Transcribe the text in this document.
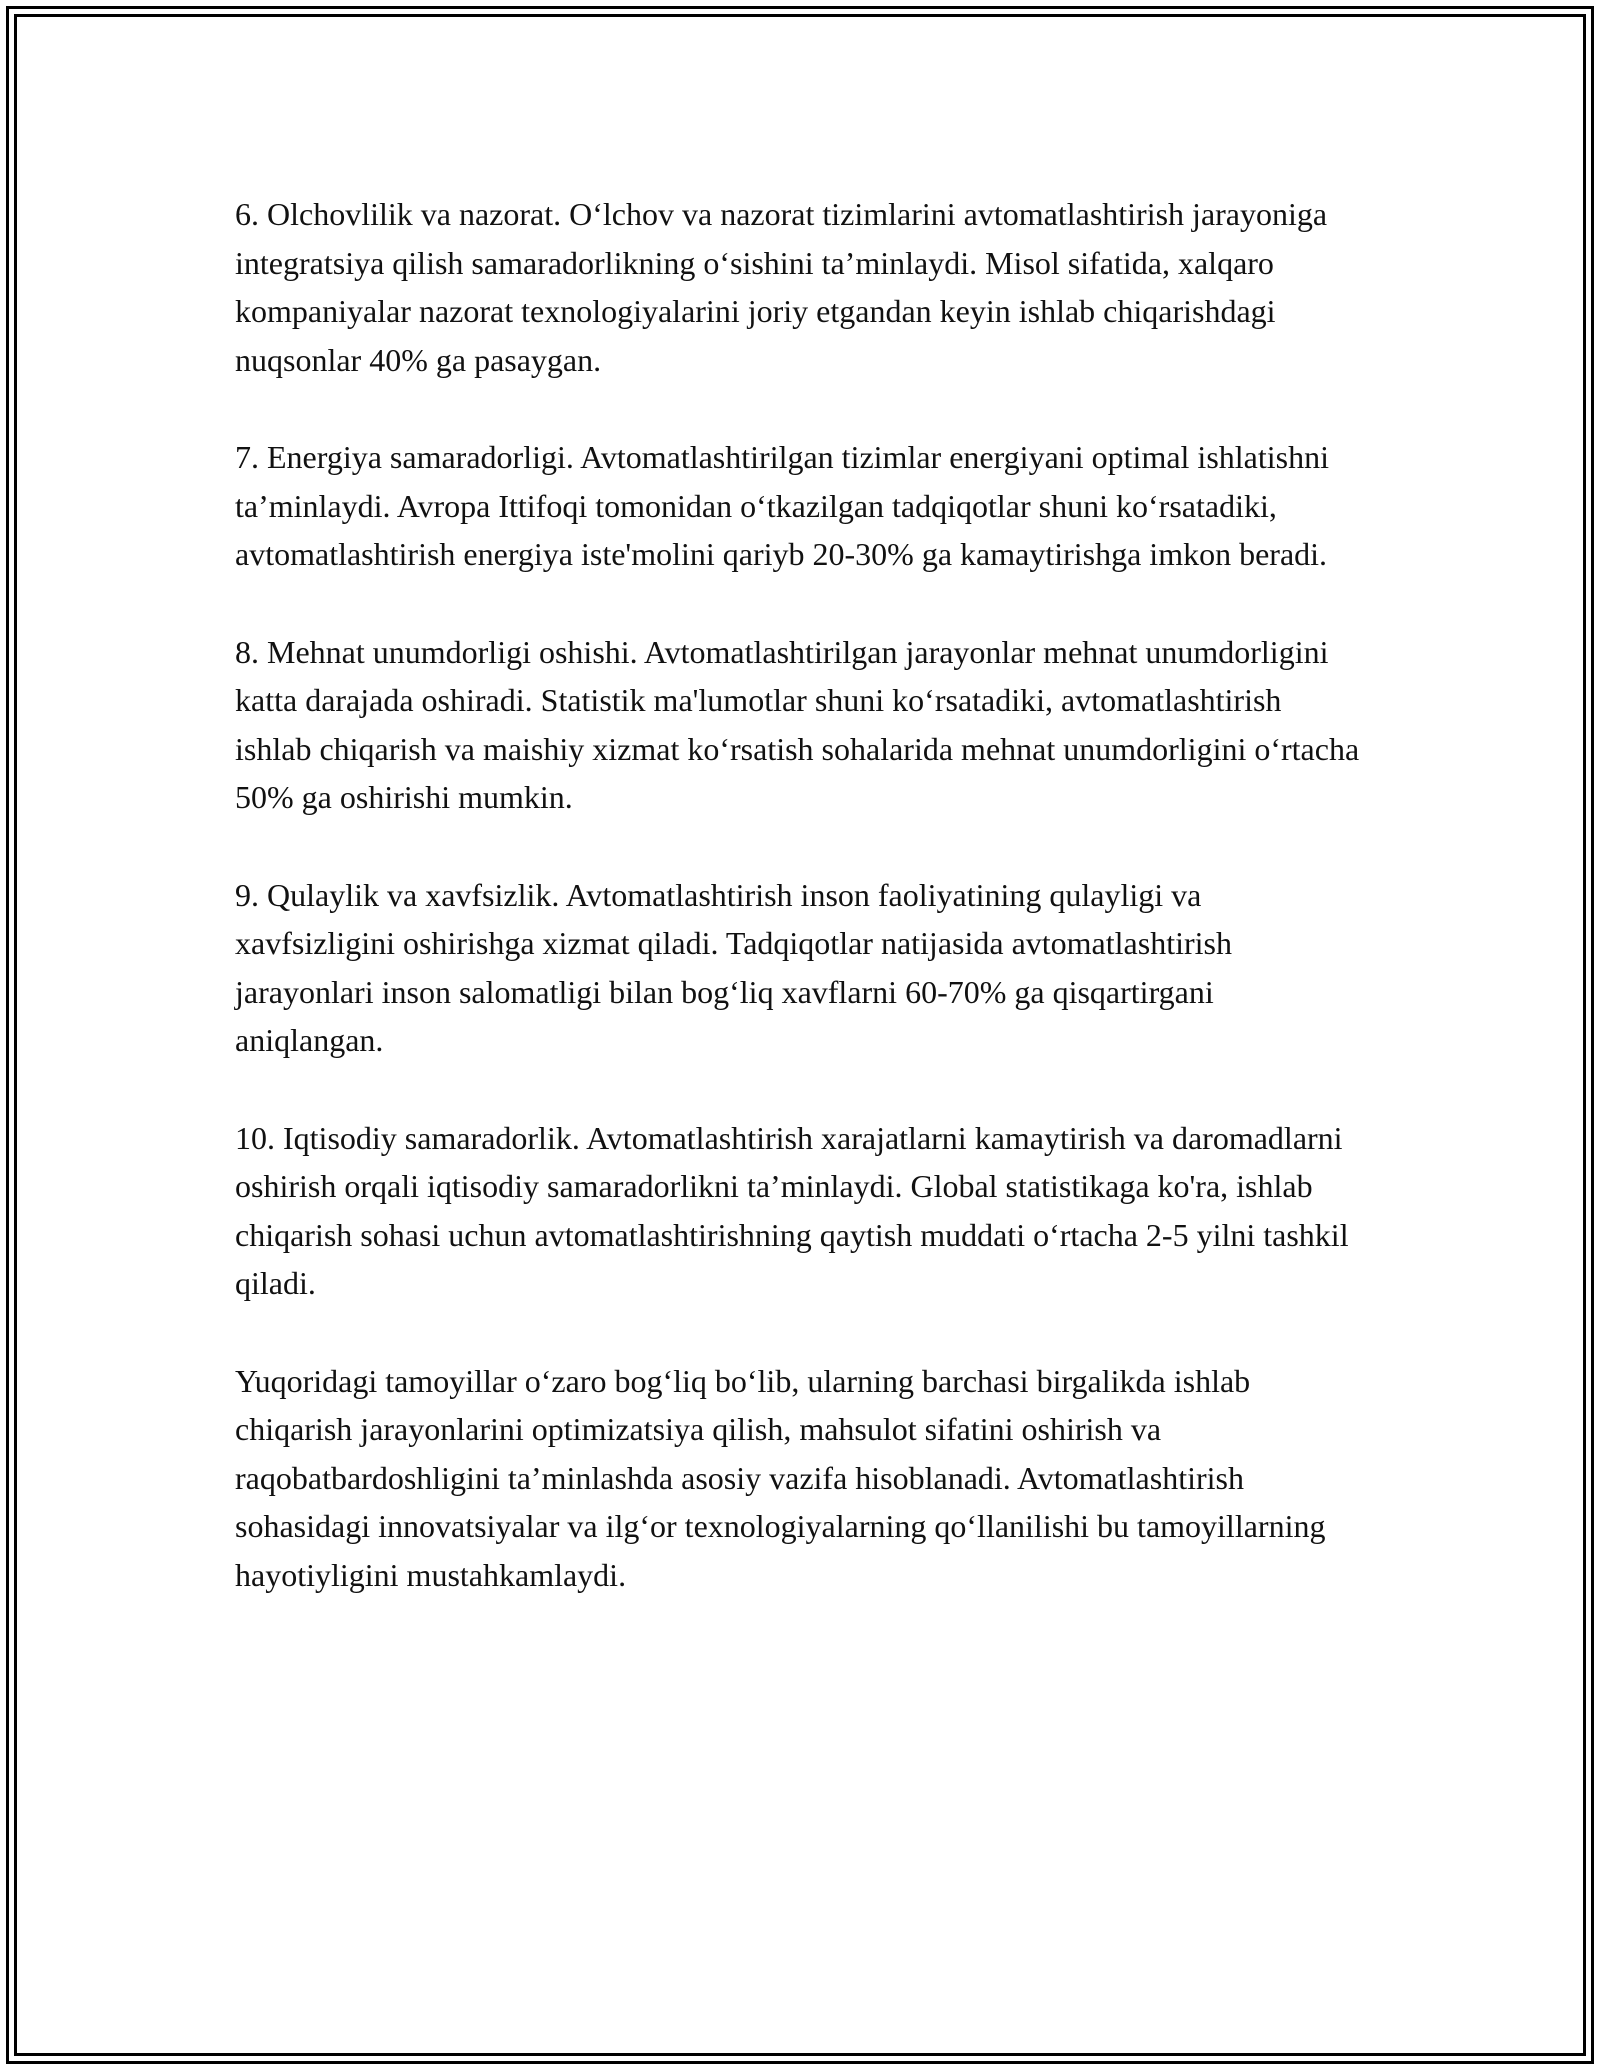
6. Olchovlilik va nazorat. O‘lchov va nazorat tizimlarini avtomatlashtirish jarayoniga integratsiya qilish samaradorlikning o‘sishini ta’minlaydi. Misol sifatida, xalqaro kompaniyalar nazorat texnologiyalarini joriy etgandan keyin ishlab chiqarishdagi nuqsonlar 40% ga pasaygan.

7. Energiya samaradorligi. Avtomatlashtirilgan tizimlar energiyani optimal ishlatishni ta’minlaydi. Avropa Ittifoqi tomonidan o‘tkazilgan tadqiqotlar shuni ko‘rsatadiki, avtomatlashtirish energiya iste'molini qariyb 20-30% ga kamaytirishga imkon beradi.

8. Mehnat unumdorligi oshishi. Avtomatlashtirilgan jarayonlar mehnat unumdorligini katta darajada oshiradi. Statistik ma'lumotlar shuni ko‘rsatadiki, avtomatlashtirish ishlab chiqarish va maishiy xizmat ko‘rsatish sohalarida mehnat unumdorligini o‘rtacha 50% ga oshirishi mumkin.

9. Qulaylik va xavfsizlik. Avtomatlashtirish inson faoliyatining qulayligi va xavfsizligini oshirishga xizmat qiladi. Tadqiqotlar natijasida avtomatlashtirish jarayonlari inson salomatligi bilan bog‘liq xavflarni 60-70% ga qisqartirgani aniqlangan.

10. Iqtisodiy samaradorlik. Avtomatlashtirish xarajatlarni kamaytirish va daromadlarni oshirish orqali iqtisodiy samaradorlikni ta’minlaydi. Global statistikaga ko'ra, ishlab chiqarish sohasi uchun avtomatlashtirishning qaytish muddati o‘rtacha 2-5 yilni tashkil qiladi.

Yuqoridagi tamoyillar o‘zaro bog‘liq bo‘lib, ularning barchasi birgalikda ishlab chiqarish jarayonlarini optimizatsiya qilish, mahsulot sifatini oshirish va raqobatbardoshligini ta’minlashda asosiy vazifa hisoblanadi. Avtomatlashtirish sohasidagi innovatsiyalar va ilg‘or texnologiyalarning qo‘llanilishi bu tamoyillarning hayotiyligini mustahkamlaydi.
